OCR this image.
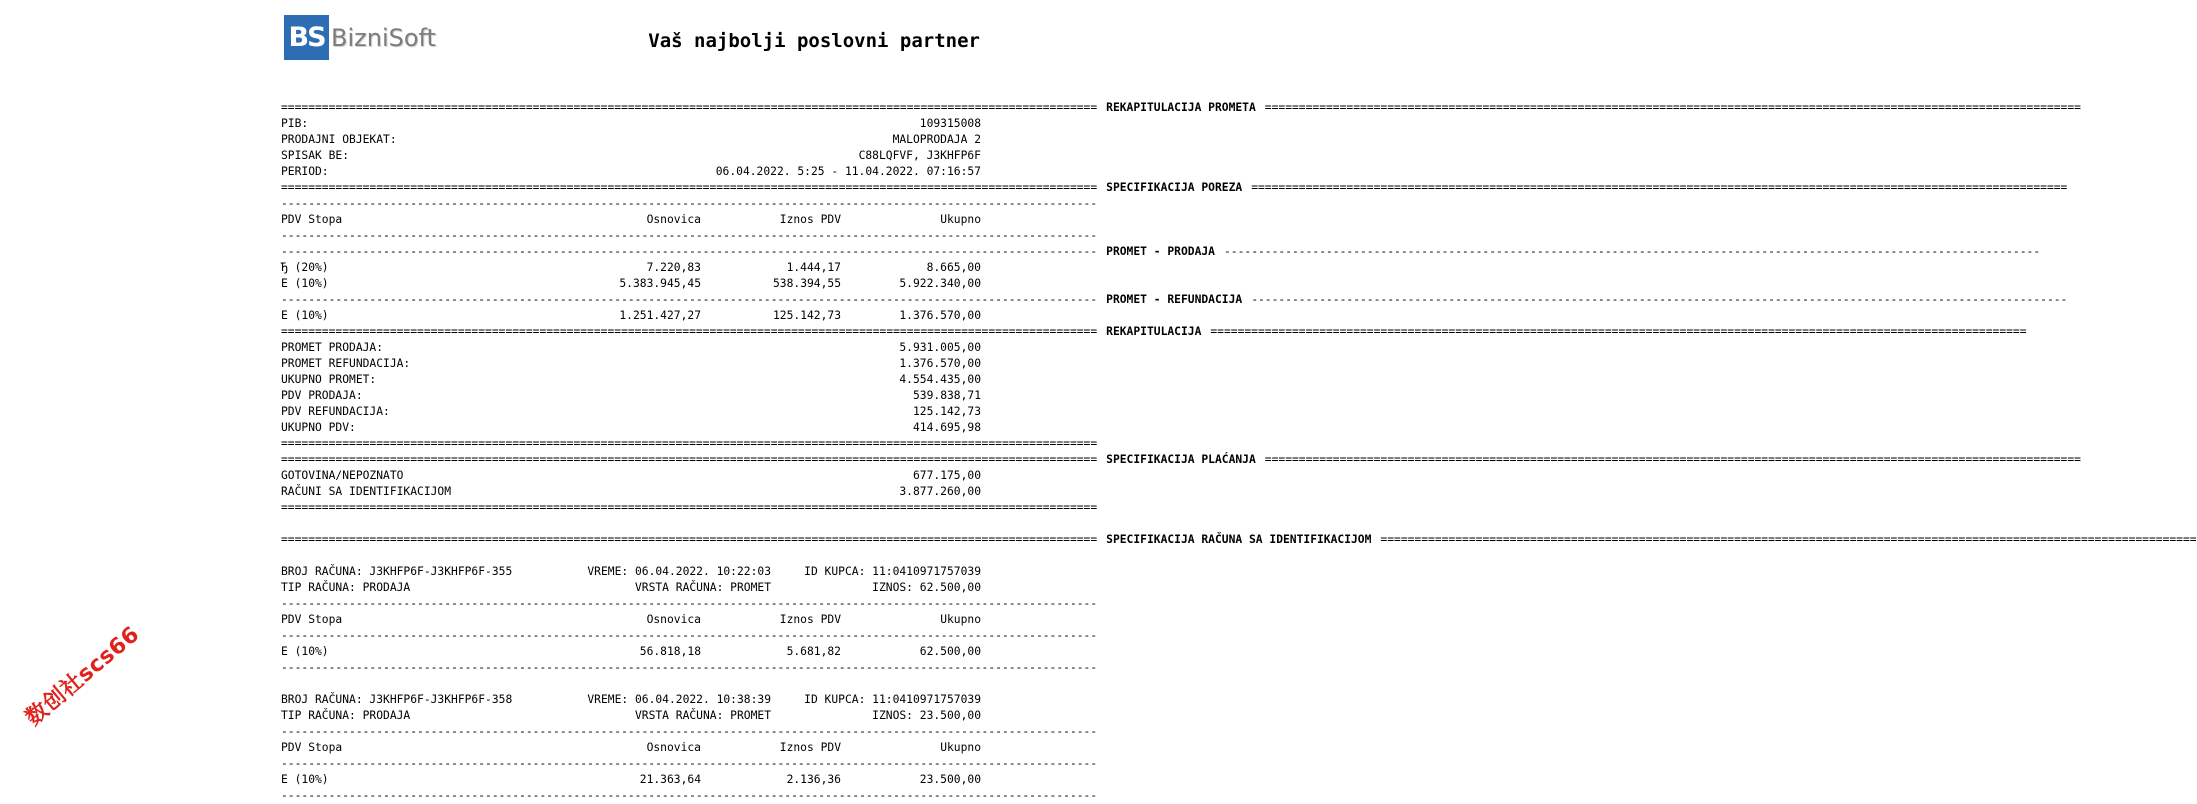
BS BizniSoft	Vaš najbolji poslovni partner
======================================================================================================================== REKAPITULACIJA PROMETA ========================================================================================================================
PIB:	109315008
PRODAJNI OBJEKAT:	MALOPRODAJA 2
SPISAK BE:	C88LQFVF, J3KHFP6F
PERIOD:	06.04.2022. 5:25 - 11.04.2022. 07:16:57
======================================================================================================================== SPECIFIKACIJA POREZA ========================================================================================================================
------------------------------------------------------------------------------------------------------------------------
PDV Stopa	Osnovica	Iznos PDV	Ukupno
------------------------------------------------------------------------------------------------------------------------
------------------------------------------------------------------------------------------------------------------------ PROMET - PRODAJA ------------------------------------------------------------------------------------------------------------------------
Ђ (20%)	7.220,83	1.444,17	8.665,00
Е (10%)	5.383.945,45	538.394,55	5.922.340,00
------------------------------------------------------------------------------------------------------------------------ PROMET - REFUNDACIJA ------------------------------------------------------------------------------------------------------------------------
Е (10%)	1.251.427,27	125.142,73	1.376.570,00
======================================================================================================================== REKAPITULACIJA ========================================================================================================================
PROMET PRODAJA:	5.931.005,00
PROMET REFUNDACIJA:	1.376.570,00
UKUPNO PROMET:	4.554.435,00
PDV PRODAJA:	539.838,71
PDV REFUNDACIJA:	125.142,73
UKUPNO PDV:	414.695,98
========================================================================================================================
======================================================================================================================== SPECIFIKACIJA PLAĆANJA ========================================================================================================================
GOTOVINA/NEPOZNATO	677.175,00
RAČUNI SA IDENTIFIKACIJOM	3.877.260,00
========================================================================================================================
======================================================================================================================== SPECIFIKACIJA RAČUNA SA IDENTIFIKACIJOM ========================================================================================================================
BROJ RAČUNA: J3KHFP6F-J3KHFP6F-355	VREME: 06.04.2022. 10:22:03	ID KUPCA: 11:0410971757039
TIP RAČUNA: PRODAJA	VRSTA RAČUNA: PROMET	IZNOS: 62.500,00
------------------------------------------------------------------------------------------------------------------------
PDV Stopa	Osnovica	Iznos PDV	Ukupno
------------------------------------------------------------------------------------------------------------------------
Е (10%)	56.818,18	5.681,82	62.500,00
------------------------------------------------------------------------------------------------------------------------
BROJ RAČUNA: J3KHFP6F-J3KHFP6F-358	VREME: 06.04.2022. 10:38:39	ID KUPCA: 11:0410971757039
TIP RAČUNA: PRODAJA	VRSTA RAČUNA: PROMET	IZNOS: 23.500,00
------------------------------------------------------------------------------------------------------------------------
PDV Stopa	Osnovica	Iznos PDV	Ukupno
------------------------------------------------------------------------------------------------------------------------
Е (10%)	21.363,64	2.136,36	23.500,00
------------------------------------------------------------------------------------------------------------------------
数创社scs66
